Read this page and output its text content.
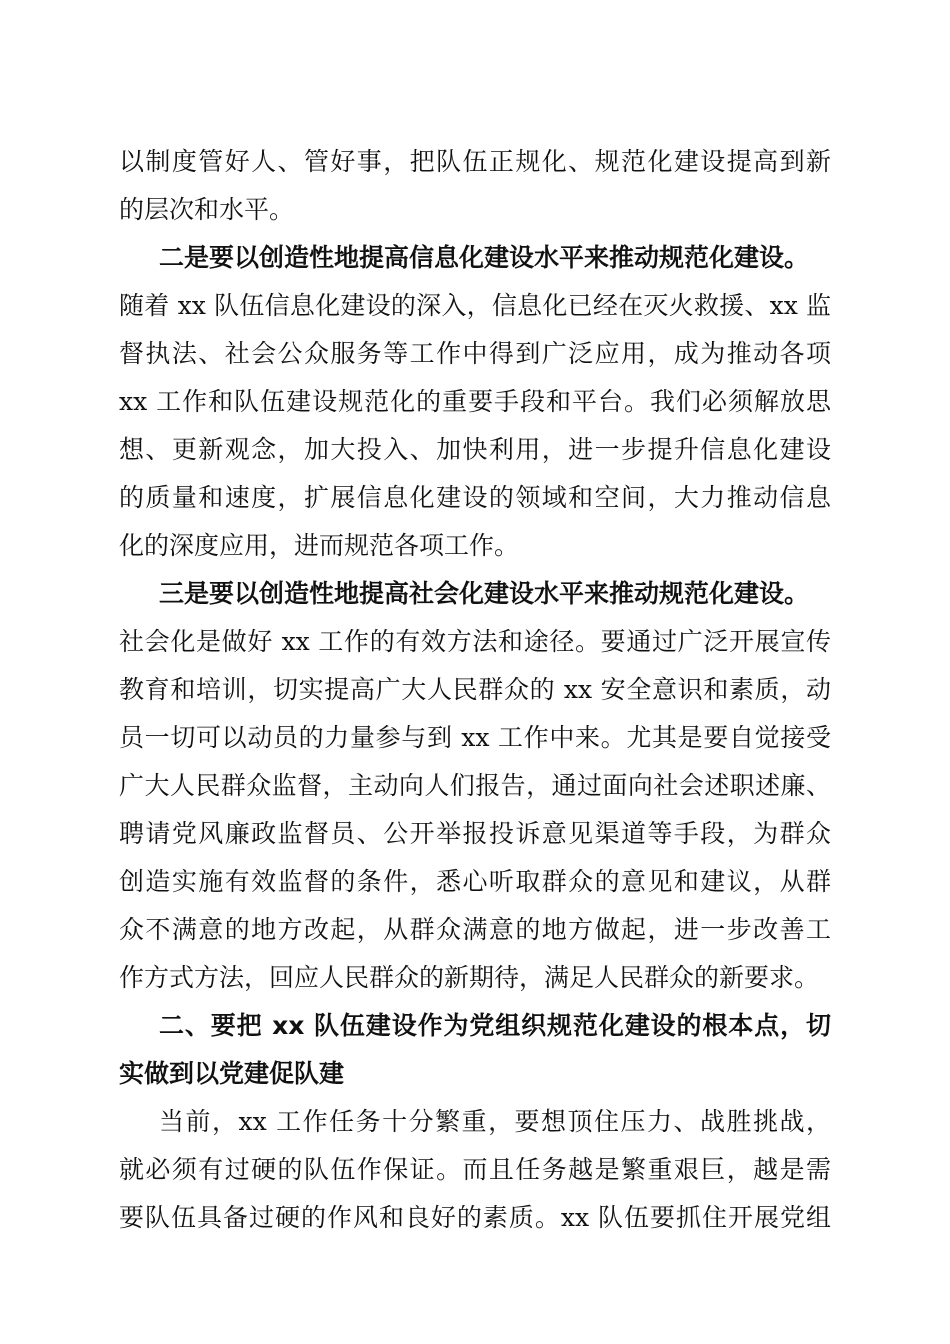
以制度管好人、管好事，把队伍正规化、规范化建设提高到新
的层次和水平。
二是要以创造性地提高信息化建设水平来推动规范化建设。
随着 xx 队伍信息化建设的深入，信息化已经在灭火救援、xx 监
督执法、社会公众服务等工作中得到广泛应用，成为推动各项
xx 工作和队伍建设规范化的重要手段和平台。我们必须解放思
想、更新观念，加大投入、加快利用，进一步提升信息化建设
的质量和速度，扩展信息化建设的领域和空间，大力推动信息
化的深度应用，进而规范各项工作。
三是要以创造性地提高社会化建设水平来推动规范化建设。
社会化是做好 xx 工作的有效方法和途径。要通过广泛开展宣传
教育和培训，切实提高广大人民群众的 xx 安全意识和素质，动
员一切可以动员的力量参与到 xx 工作中来。尤其是要自觉接受
广大人民群众监督，主动向人们报告，通过面向社会述职述廉、
聘请党风廉政监督员、公开举报投诉意见渠道等手段，为群众
创造实施有效监督的条件，悉心听取群众的意见和建议，从群
众不满意的地方改起，从群众满意的地方做起，进一步改善工
作方式方法，回应人民群众的新期待，满足人民群众的新要求。
二、要把 xx 队伍建设作为党组织规范化建设的根本点，切
实做到以党建促队建
当前，xx 工作任务十分繁重，要想顶住压力、战胜挑战，
就必须有过硬的队伍作保证。而且任务越是繁重艰巨，越是需
要队伍具备过硬的作风和良好的素质。xx 队伍要抓住开展党组
